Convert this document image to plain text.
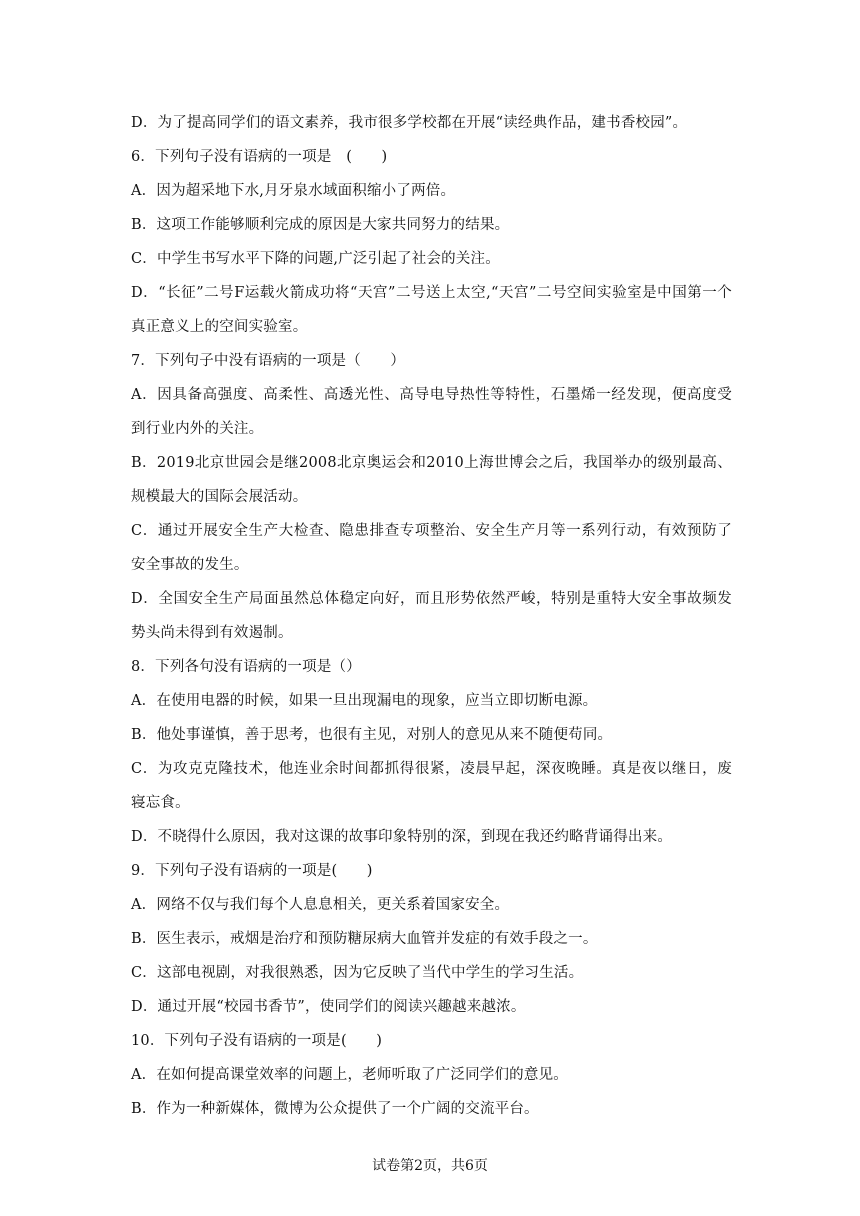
D．为了提高同学们的语文素养，我市很多学校都在开展“读经典作品，建书香校园”。
6．下列句子没有语病的一项是　(　　)
A．因为超采地下水,月牙泉水域面积缩小了两倍。
B．这项工作能够顺利完成的原因是大家共同努力的结果。
C．中学生书写水平下降的问题,广泛引起了社会的关注。
D．“长征”二号F运载火箭成功将“天宫”二号送上太空,“天宫”二号空间实验室是中国第一个
真正意义上的空间实验室。
7．下列句子中没有语病的一项是（　　）
A．因具备高强度、高柔性、高透光性、高导电导热性等特性，石墨烯一经发现，便高度受
到行业内外的关注。
B．2019北京世园会是继2008北京奥运会和2010上海世博会之后，我国举办的级别最高、
规模最大的国际会展活动。
C．通过开展安全生产大检查、隐患排查专项整治、安全生产月等一系列行动，有效预防了
安全事故的发生。
D．全国安全生产局面虽然总体稳定向好，而且形势依然严峻，特别是重特大安全事故频发
势头尚未得到有效遏制。
8．下列各句没有语病的一项是（）
A．在使用电器的时候，如果一旦出现漏电的现象，应当立即切断电源。
B．他处事谨慎，善于思考，也很有主见，对别人的意见从来不随便苟同。
C．为攻克克隆技术，他连业余时间都抓得很紧，凌晨早起，深夜晚睡。真是夜以继日，废
寝忘食。
D．不晓得什么原因，我对这课的故事印象特别的深，到现在我还约略背诵得出来。
9．下列句子没有语病的一项是(　　)
A．网络不仅与我们每个人息息相关，更关系着国家安全。
B．医生表示，戒烟是治疗和预防糖尿病大血管并发症的有效手段之一。
C．这部电视剧，对我很熟悉，因为它反映了当代中学生的学习生活。
D．通过开展“校园书香节”，使同学们的阅读兴趣越来越浓。
10．下列句子没有语病的一项是(　　)
A．在如何提高课堂效率的问题上，老师听取了广泛同学们的意见。
B．作为一种新媒体，微博为公众提供了一个广阔的交流平台。
试卷第2页，共6页
